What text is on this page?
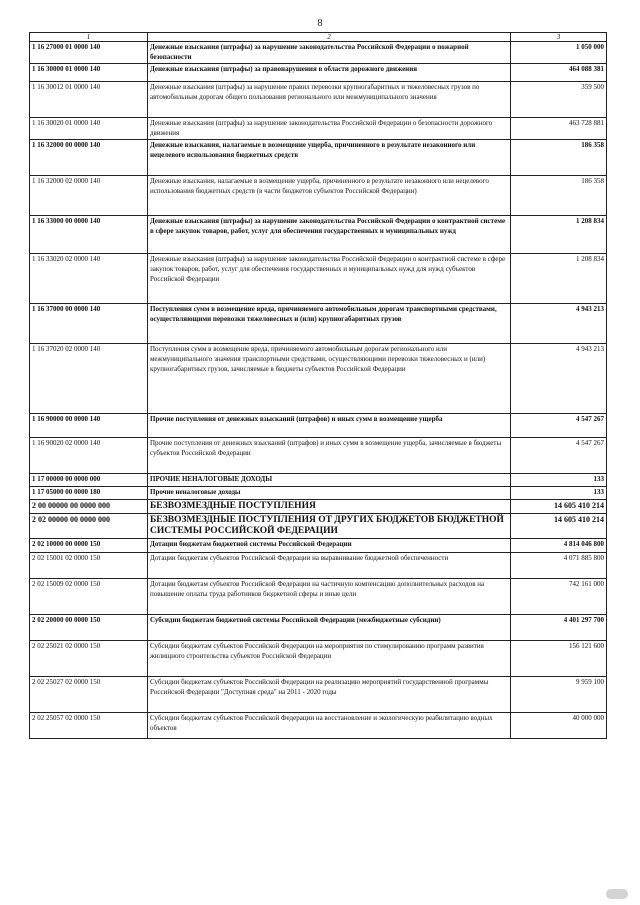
8
1	2	3
1 16 27000 01 0000 140	Денежные взыскания (штрафы) за нарушение законодательства Российской Федерации о пожарной безопасности	1 050 000
1 16 30000 01 0000 140	Денежные взыскания (штрафы) за правонарушения в области дорожного движения	464 088 381
1 16 30012 01 0000 140	Денежные взыскания (штрафы) за нарушение правил перевозки крупногабаритных и тяжеловесных грузов по автомобильным дорогам общего пользования регионального или межмуниципального значения	359 500
1 16 30020 01 0000 140	Денежные взыскания (штрафы) за нарушение законодательства Российской Федерации о безопасности дорожного движения	463 728 881
1 16 32000 00 0000 140	Денежные взыскания, налагаемые в возмещение ущерба, причиненного в результате незаконного или нецелевого использования бюджетных средств	186 358
1 16 32000 02 0000 140	Денежные взыскания, налагаемые в возмещение ущерба, причиненного в результате незаконного или нецелевого использования бюджетных средств (в части бюджетов субъектов Российской Федерации)	186 358
1 16 33000 00 0000 140	Денежные взыскания (штрафы) за нарушение законодательства Российской Федерации о контрактной системе в сфере закупок товаров, работ, услуг для обеспечения государственных и муниципальных нужд	1 208 834
1 16 33020 02 0000 140	Денежные взыскания (штрафы) за нарушение законодательства Российской Федерации о контрактной системе в сфере закупок товаров, работ, услуг для обеспечения государственных и муниципальных нужд для нужд субъектов Российской Федерации	1 208 834
1 16 37000 00 0000 140	Поступления сумм в возмещение вреда, причиняемого автомобильным дорогам транспортными средствами, осуществляющими перевозки тяжеловесных и (или) крупногабаритных грузов	4 943 213
1 16 37020 02 0000 140	Поступления сумм в возмещение вреда, причиняемого автомобильным дорогам регионального или межмуниципального значения транспортными средствами, осуществляющими перевозки тяжеловесных и (или) крупногабаритных грузов, зачисляемые в бюджеты субъектов Российской Федерации	4 943 213
1 16 90000 00 0000 140	Прочие поступления от денежных взысканий (штрафов) и иных сумм в возмещение ущерба	4 547 267
1 16 90020 02 0000 140	Прочие поступления от денежных взысканий (штрафов) и иных сумм в возмещение ущерба, зачисляемые в бюджеты субъектов Российской Федерации	4 547 267
1 17 00000 00 0000 000	ПРОЧИЕ НЕНАЛОГОВЫЕ ДОХОДЫ	133
1 17 05000 00 0000 180	Прочие неналоговые доходы	133
2 00 00000 00 0000 000	БЕЗВОЗМЕЗДНЫЕ ПОСТУПЛЕНИЯ	14 605 410 214
2 02 00000 00 0000 000	БЕЗВОЗМЕЗДНЫЕ ПОСТУПЛЕНИЯ ОТ ДРУГИХ БЮДЖЕТОВ БЮДЖЕТНОЙ СИСТЕМЫ РОССИЙСКОЙ ФЕДЕРАЦИИ	14 605 410 214
2 02 10000 00 0000 150	Дотации бюджетам бюджетной системы Российской Федерации	4 814 046 800
2 02 15001 02 0000 150	Дотации бюджетам субъектов Российской Федерации на выравнивание бюджетной обеспеченности	4 071 885 800
2 02 15009 02 0000 150	Дотации бюджетам субъектов Российской Федерации на частичную компенсацию дополнительных расходов на повышение оплаты труда работников бюджетной сферы и иные цели	742 161 000
2 02 20000 00 0000 150	Субсидии бюджетам бюджетной системы Российской Федерации (межбюджетные субсидии)	4 401 297 700
2 02 25021 02 0000 150	Субсидии бюджетам субъектов Российской Федерации на мероприятия по стимулированию программ развития жилищного строительства субъектов Российской Федерации	156 121 600
2 02 25027 02 0000 150	Субсидии бюджетам субъектов Российской Федерации на реализацию мероприятий государственной программы Российской Федерации "Доступная среда" на 2011 - 2020 годы	9 959 100
2 02 25057 02 0000 150	Субсидии бюджетам субъектов Российской Федерации на восстановление и экологическую реабилитацию водных объектов	40 000 000
